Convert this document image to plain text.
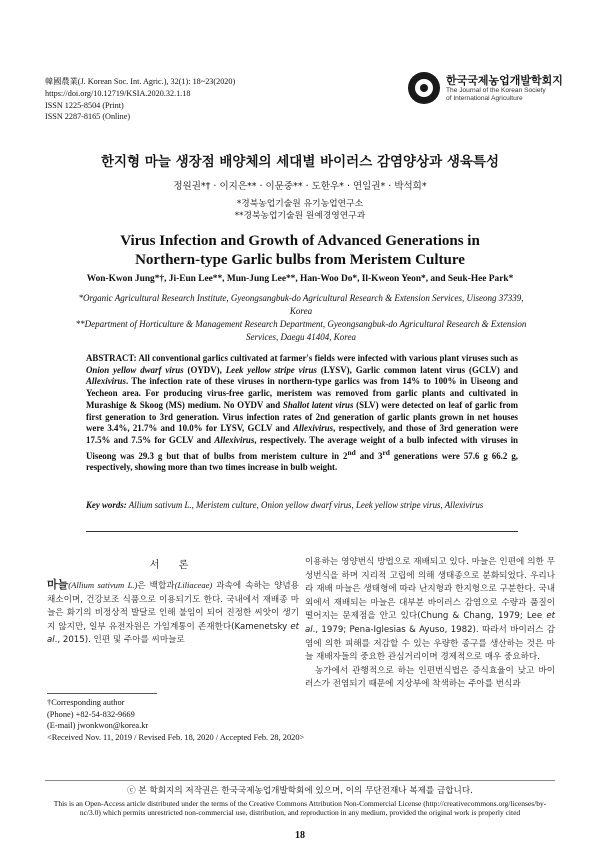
韓國農業(J. Korean Soc. Int. Agric.), 32(1): 18~23(2020)
https://doi.org/10.12719/KSIA.2020.32.1.18
ISSN 1225-8504 (Print)
ISSN 2287-8165 (Online)
한국국제농업개발학회지
The Journal of the Korean Society
of International Agriculture
한지형 마늘 생장점 배양체의 세대별 바이러스 감염양상과 생육특성
정원권*† · 이지은** · 이문중** · 도한우* · 연일권* · 박석희*
*경북농업기술원 유기농업연구소
**경북농업기술원 원예경영연구과
Virus Infection and Growth of Advanced Generations in
Northern-type Garlic bulbs from Meristem Culture
Won-Kwon Jung*†, Ji-Eun Lee**, Mun-Jung Lee**, Han-Woo Do*, Il-Kweon Yeon*, and Seuk-Hee Park*
*Organic Agricultural Research Institute, Gyeongsangbuk-do Agricultural Research & Extension Services, Uiseong 37339, Korea
**Department of Horticulture & Management Research Department, Gyeongsangbuk-do Agricultural Research & Extension Services, Daegu 41404, Korea
ABSTRACT: All conventional garlics cultivated at farmer's fields were infected with various plant viruses such as Onion yellow dwarf virus (OYDV), Leek yellow stripe virus (LYSV), Garlic common latent virus (GCLV) and Allexivirus. The infection rate of these viruses in northern-type garlics was from 14% to 100% in Uiseong and Yecheon area. For producing virus-free garlic, meristem was removed from garlic plants and cultivated in Murashige & Skoog (MS) medium. No OYDV and Shallot latent virus (SLV) were detected on leaf of garlic from first generation to 3rd generation. Virus infection rates of 2nd generation of garlic plants grown in net houses were 3.4%, 21.7% and 10.0% for LYSV, GCLV and Allexivirus, respectively, and those of 3rd generation were 17.5% and 7.5% for GCLV and Allexivirus, respectively. The average weight of a bulb infected with viruses in Uiseong was 29.3 g but that of bulbs from meristem culture in 2nd and 3rd generations were 57.6 g 66.2 g, respectively, showing more than two times increase in bulb weight.
Key words: Allium sativum L., Meristem culture, Onion yellow dwarf virus, Leek yellow stripe virus, Allexivirus
서 론
마늘(Allium sativum L.)은 백합과(Liliaceae) 과속에 속하는 양념용 채소이며, 건강보조 식품으로 이용되기도 한다. 국내에서 재배종 마늘은 화기의 비정상적 발달로 인해 불임이 되어 진정한 씨앗이 생기지 않지만, 일부 유전자원은 가임계통이 존재한다(Kamenetsky et al., 2015). 인편 및 주아를 씨마늘로
†Corresponding author
(Phone) +82-54-832-9669
(E-mail) jwonkwon@korea.kr
<Received Nov. 11, 2019 / Revised Feb. 18, 2020 / Accepted Feb. 28, 2020>
이용하는 영양번식 방법으로 재배되고 있다. 마늘은 인편에 의한 무성번식을 하며 지리적 고립에 의해 생태종으로 분화되었다. 우리나라 재배 마늘은 생태형에 따라 난지형과 한지형으로 구분한다. 국내외에서 재배되는 마늘은 대부분 바이러스 감염으로 수량과 품질이 떨어지는 문제점을 안고 있다(Chung & Chang, 1979; Lee et al., 1979; Pena-Iglesias & Ayuso, 1982). 따라서 바이러스 감염에 의한 피해를 저감할 수 있는 우량한 종구를 생산하는 것은 마늘 재배자들의 중요한 관심거리이며 경제적으로 매우 중요하다.
농가에서 관행적으로 하는 인편번식법은 증식효율이 낮고 바이러스가 전염되기 때문에 지상부에 착색하는 주아를 번식과
ⓒ 본 학회지의 저작권은 한국국제농업개발학회에 있으며, 이의 무단전재나 복제를 금합니다.
This is an Open-Access article distributed under the terms of the Creative Commons Attribution Non-Commercial License (http://creativecommons.org/licenses/by-nc/3.0) which permits unrestricted non-commercial use, distribution, and reproduction in any medium, provided the original work is properly cited
18
